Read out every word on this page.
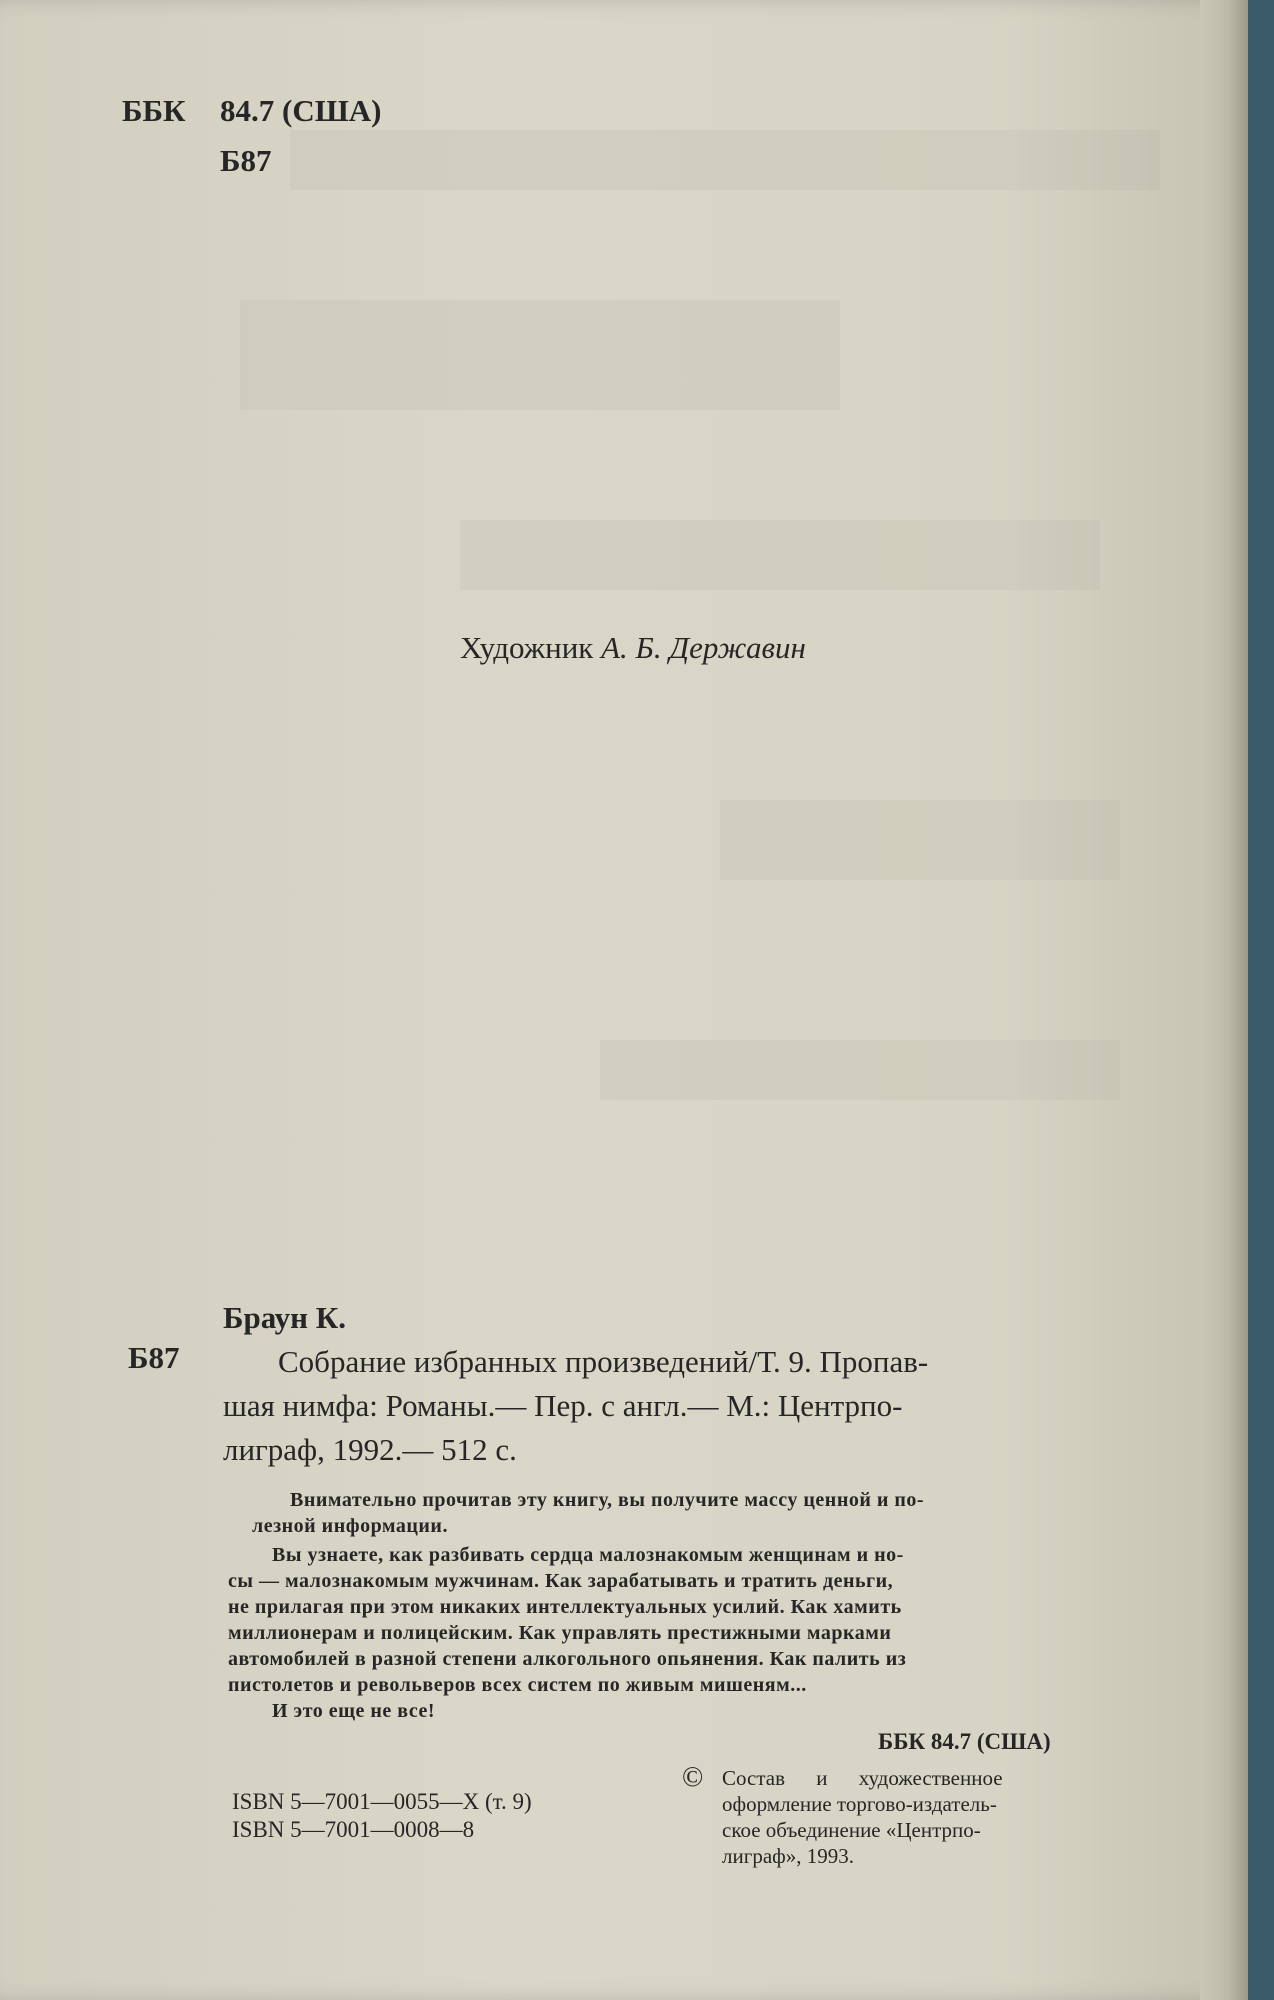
ББК 84.7 (США)
Б87
Художник А. Б. Державин
Браун К.
Б87	Собрание избранных произведений/Т. 9. Пропав-
шая нимфа: Романы.— Пер. с англ.— М.: Центрпо-
лиграф, 1992.— 512 с.
Внимательно прочитав эту книгу, вы получите массу ценной и по-
лезной информации.
Вы узнаете, как разбивать сердца малознакомым женщинам и но-
сы — малознакомым мужчинам. Как зарабатывать и тратить деньги,
не прилагая при этом никаких интеллектуальных усилий. Как хамить
миллионерам и полицейским. Как управлять престижными марками
автомобилей в разной степени алкогольного опьянения. Как палить из
пистолетов и револьверов всех систем по живым мишеням...
И это еще не все!
ББК 84.7 (США)
ISBN 5—7001—0055—Х (т. 9)
ISBN 5—7001—0008—8
© Состав и художественное
оформление торгово-издатель-
ское объединение «Центрпо-
лиграф», 1993.
